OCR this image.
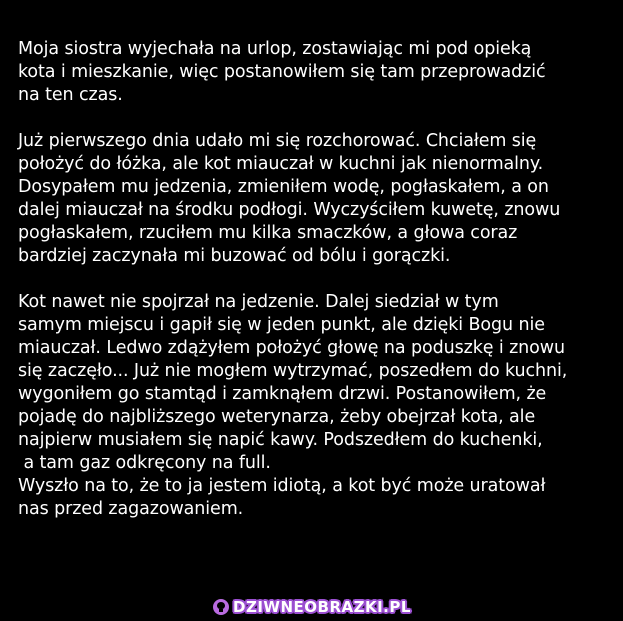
Moja siostra wyjechała na urlop, zostawiając mi pod opieką
kota i mieszkanie, więc postanowiłem się tam przeprowadzić
na ten czas.
Już pierwszego dnia udało mi się rozchorować. Chciałem się
położyć do łóżka, ale kot miauczał w kuchni jak nienormalny.
Dosypałem mu jedzenia, zmieniłem wodę, pogłaskałem, a on
dalej miauczał na środku podłogi. Wyczyściłem kuwetę, znowu
pogłaskałem, rzuciłem mu kilka smaczków, a głowa coraz
bardziej zaczynała mi buzować od bólu i gorączki.
Kot nawet nie spojrzał na jedzenie. Dalej siedział w tym
samym miejscu i gapił się w jeden punkt, ale dzięki Bogu nie
miauczał. Ledwo zdążyłem położyć głowę na poduszkę i znowu
się zaczęło... Już nie mogłem wytrzymać, poszedłem do kuchni,
wygoniłem go stamtąd i zamknąłem drzwi. Postanowiłem, że
pojadę do najbliższego weterynarza, żeby obejrzał kota, ale
najpierw musiałem się napić kawy. Podszedłem do kuchenki,
a tam gaz odkręcony na full.
Wyszło na to, że to ja jestem idiotą, a kot być może uratował
nas przed zagazowaniem.
DZIWNEOBRAZKI.PL
